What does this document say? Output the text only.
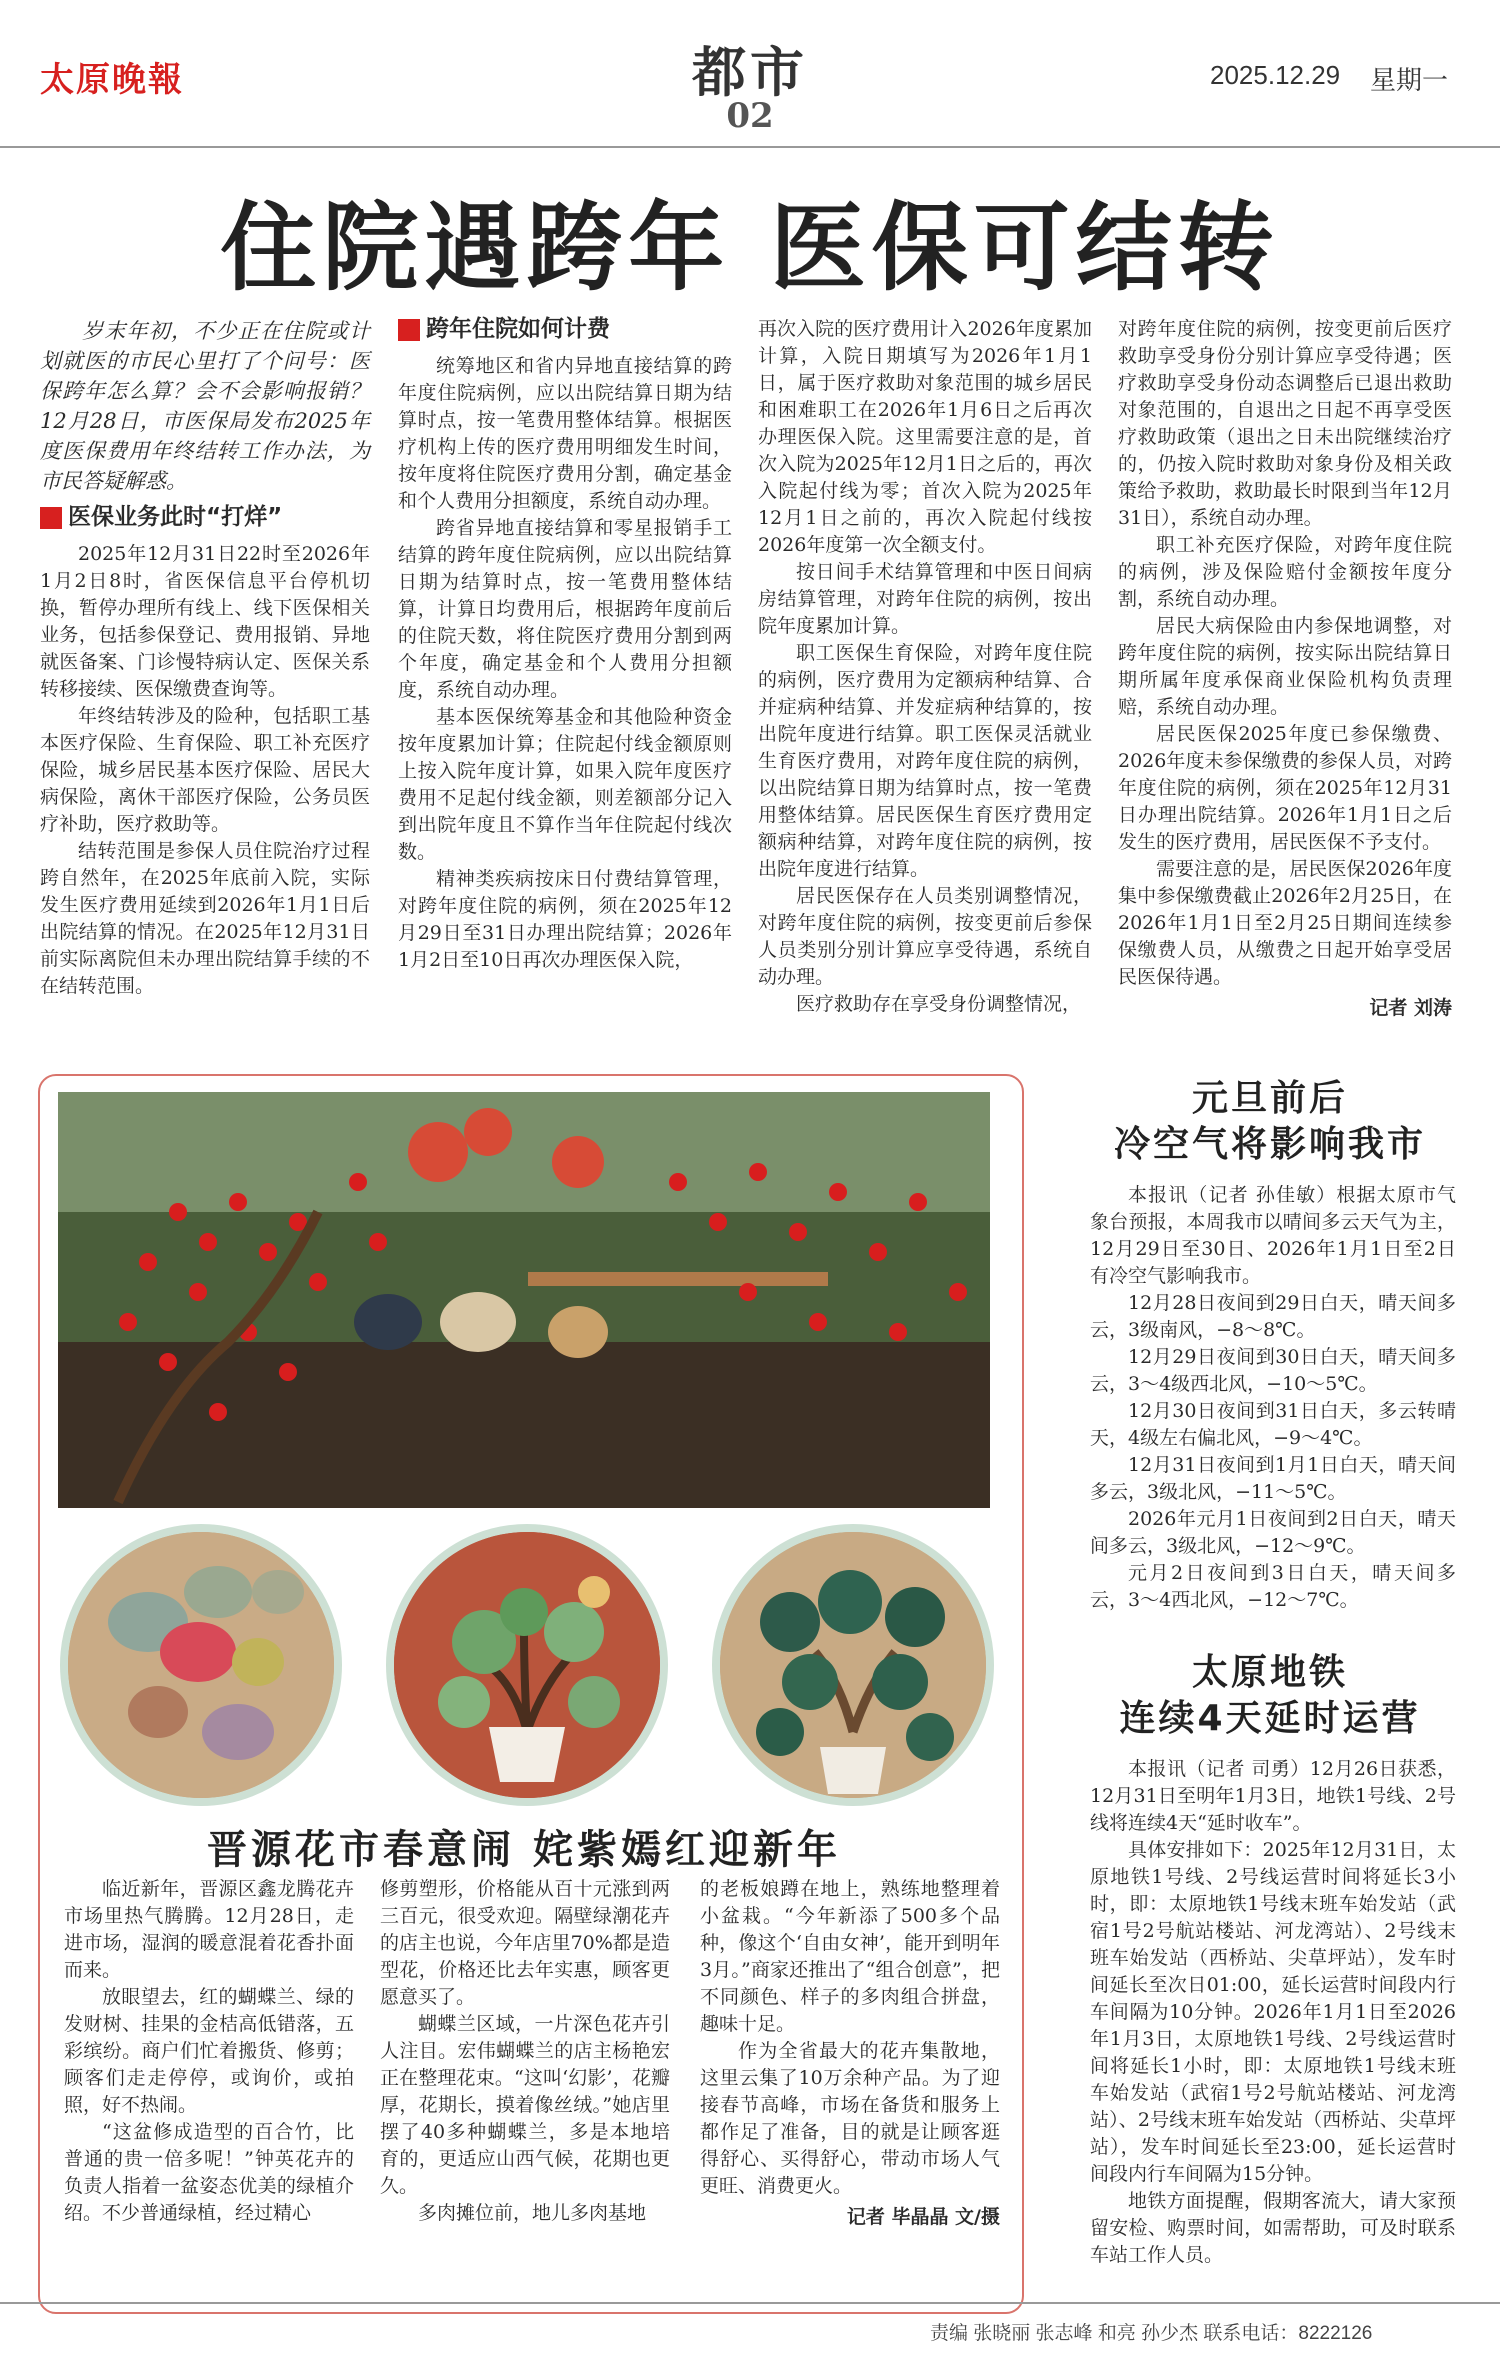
太原晚報	都市
02
2025.12.29 星期一
住院遇跨年 医保可结转

岁末年初，不少正在住院或计划就医的市民心里打了个问号：医保跨年怎么算？会不会影响报销？12月28日，市医保局发布2025年度医保费用年终结转工作办法，为市民答疑解惑。

医保业务此时“打烊”

2025年12月31日22时至2026年1月2日8时，省医保信息平台停机切换，暂停办理所有线上、线下医保相关业务，包括参保登记、费用报销、异地就医备案、门诊慢特病认定、医保关系转移接续、医保缴费查询等。

年终结转涉及的险种，包括职工基本医疗保险、生育保险、职工补充医疗保险，城乡居民基本医疗保险、居民大病保险，离休干部医疗保险，公务员医疗补助，医疗救助等。

结转范围是参保人员住院治疗过程跨自然年，在2025年底前入院，实际发生医疗费用延续到2026年1月1日后出院结算的情况。在2025年12月31日前实际离院但未办理出院结算手续的不在结转范围。

跨年住院如何计费

统筹地区和省内异地直接结算的跨年度住院病例，应以出院结算日期为结算时点，按一笔费用整体结算。根据医疗机构上传的医疗费用明细发生时间，按年度将住院医疗费用分割，确定基金和个人费用分担额度，系统自动办理。

跨省异地直接结算和零星报销手工结算的跨年度住院病例，应以出院结算日期为结算时点，按一笔费用整体结算，计算日均费用后，根据跨年度前后的住院天数，将住院医疗费用分割到两个年度，确定基金和个人费用分担额度，系统自动办理。

基本医保统筹基金和其他险种资金按年度累加计算；住院起付线金额原则上按入院年度计算，如果入院年度医疗费用不足起付线金额，则差额部分记入到出院年度且不算作当年住院起付线次数。

精神类疾病按床日付费结算管理，对跨年度住院的病例，须在2025年12月29日至31日办理出院结算；2026年1月2日至10日再次办理医保入院，

再次入院的医疗费用计入2026年度累加计算，入院日期填写为2026年1月1日，属于医疗救助对象范围的城乡居民和困难职工在2026年1月6日之后再次办理医保入院。这里需要注意的是，首次入院为2025年12月1日之后的，再次入院起付线为零；首次入院为2025年12月1日之前的，再次入院起付线按2026年度第一次全额支付。

按日间手术结算管理和中医日间病房结算管理，对跨年住院的病例，按出院年度累加计算。

职工医保生育保险，对跨年度住院的病例，医疗费用为定额病种结算、合并症病种结算、并发症病种结算的，按出院年度进行结算。职工医保灵活就业生育医疗费用，对跨年度住院的病例，以出院结算日期为结算时点，按一笔费用整体结算。居民医保生育医疗费用定额病种结算，对跨年度住院的病例，按出院年度进行结算。

居民医保存在人员类别调整情况，对跨年度住院的病例，按变更前后参保人员类别分别计算应享受待遇，系统自动办理。

医疗救助存在享受身份调整情况，

对跨年度住院的病例，按变更前后医疗救助享受身份分别计算应享受待遇；医疗救助享受身份动态调整后已退出救助对象范围的，自退出之日起不再享受医疗救助政策（退出之日未出院继续治疗的，仍按入院时救助对象身份及相关政策给予救助，救助最长时限到当年12月31日），系统自动办理。

职工补充医疗保险，对跨年度住院的病例，涉及保险赔付金额按年度分割，系统自动办理。

居民大病保险由内参保地调整，对跨年度住院的病例，按实际出院结算日期所属年度承保商业保险机构负责理赔，系统自动办理。

居民医保2025年度已参保缴费、2026年度未参保缴费的参保人员，对跨年度住院的病例，须在2025年12月31日办理出院结算。2026年1月1日之后发生的医疗费用，居民医保不予支付。

需要注意的是，居民医保2026年度集中参保缴费截止2026年2月25日，在2026年1月1日至2月25日期间连续参保缴费人员，从缴费之日起开始享受居民医保待遇。

记者 刘涛
晋源花市春意闹 姹紫嫣红迎新年

临近新年，晋源区鑫龙腾花卉市场里热气腾腾。12月28日，走进市场，湿润的暖意混着花香扑面而来。

放眼望去，红的蝴蝶兰、绿的发财树、挂果的金桔高低错落，五彩缤纷。商户们忙着搬货、修剪；顾客们走走停停，或询价，或拍照，好不热闹。

“这盆修成造型的百合竹，比普通的贵一倍多呢！”钟英花卉的负责人指着一盆姿态优美的绿植介绍。不少普通绿植，经过精心

修剪塑形，价格能从百十元涨到两三百元，很受欢迎。隔壁绿潮花卉的店主也说，今年店里70%都是造型花，价格还比去年实惠，顾客更愿意买了。

蝴蝶兰区域，一片深色花卉引人注目。宏伟蝴蝶兰的店主杨艳宏正在整理花束。“这叫‘幻影’，花瓣厚，花期长，摸着像丝绒。”她店里摆了40多种蝴蝶兰，多是本地培育的，更适应山西气候，花期也更久。

多肉摊位前，地儿多肉基地

的老板娘蹲在地上，熟练地整理着小盆栽。“今年新添了500多个品种，像这个‘自由女神’，能开到明年3月。”商家还推出了“组合创意”，把不同颜色、样子的多肉组合拼盘，趣味十足。

作为全省最大的花卉集散地，这里云集了10万余种产品。为了迎接春节高峰，市场在备货和服务上都作足了准备，目的就是让顾客逛得舒心、买得舒心，带动市场人气更旺、消费更火。

记者 毕晶晶 文/摄
元旦前后
冷空气将影响我市

本报讯（记者 孙佳敏）根据太原市气象台预报，本周我市以晴间多云天气为主，12月29日至30日、2026年1月1日至2日有冷空气影响我市。

12月28日夜间到29日白天，晴天间多云，3级南风，−8～8℃。

12月29日夜间到30日白天，晴天间多云，3～4级西北风，−10～5℃。

12月30日夜间到31日白天，多云转晴天，4级左右偏北风，−9～4℃。

12月31日夜间到1月1日白天，晴天间多云，3级北风，−11～5℃。

2026年元月1日夜间到2日白天，晴天间多云，3级北风，−12～9℃。

元月2日夜间到3日白天，晴天间多云，3～4西北风，−12～7℃。

太原地铁
连续4天延时运营

本报讯（记者 司勇）12月26日获悉，12月31日至明年1月3日，地铁1号线、2号线将连续4天“延时收车”。

具体安排如下：2025年12月31日，太原地铁1号线、2号线运营时间将延长3小时，即：太原地铁1号线末班车始发站（武宿1号2号航站楼站、河龙湾站）、2号线末班车始发站（西桥站、尖草坪站），发车时间延长至次日01:00，延长运营时间段内行车间隔为10分钟。2026年1月1日至2026年1月3日，太原地铁1号线、2号线运营时间将延长1小时，即：太原地铁1号线末班车始发站（武宿1号2号航站楼站、河龙湾站）、2号线末班车始发站（西桥站、尖草坪站），发车时间延长至23:00，延长运营时间段内行车间隔为15分钟。

地铁方面提醒，假期客流大，请大家预留安检、购票时间，如需帮助，可及时联系车站工作人员。

责编 张晓丽 张志峰 和亮 孙少杰 联系电话：8222126
